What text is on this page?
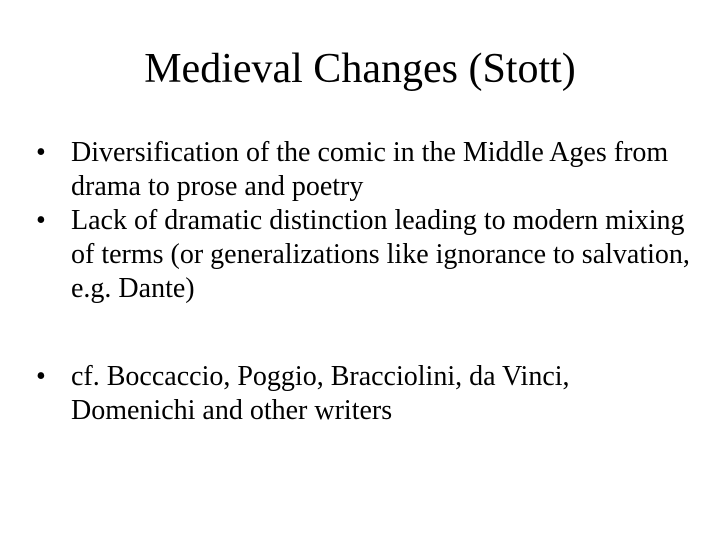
Medieval Changes (Stott)
• Diversification of the comic in the Middle Ages from drama to prose and poetry
• Lack of dramatic distinction leading to modern mixing of terms (or generalizations like ignorance to salvation, e.g. Dante)
• cf. Boccaccio, Poggio, Bracciolini, da Vinci, Domenichi and other writers
